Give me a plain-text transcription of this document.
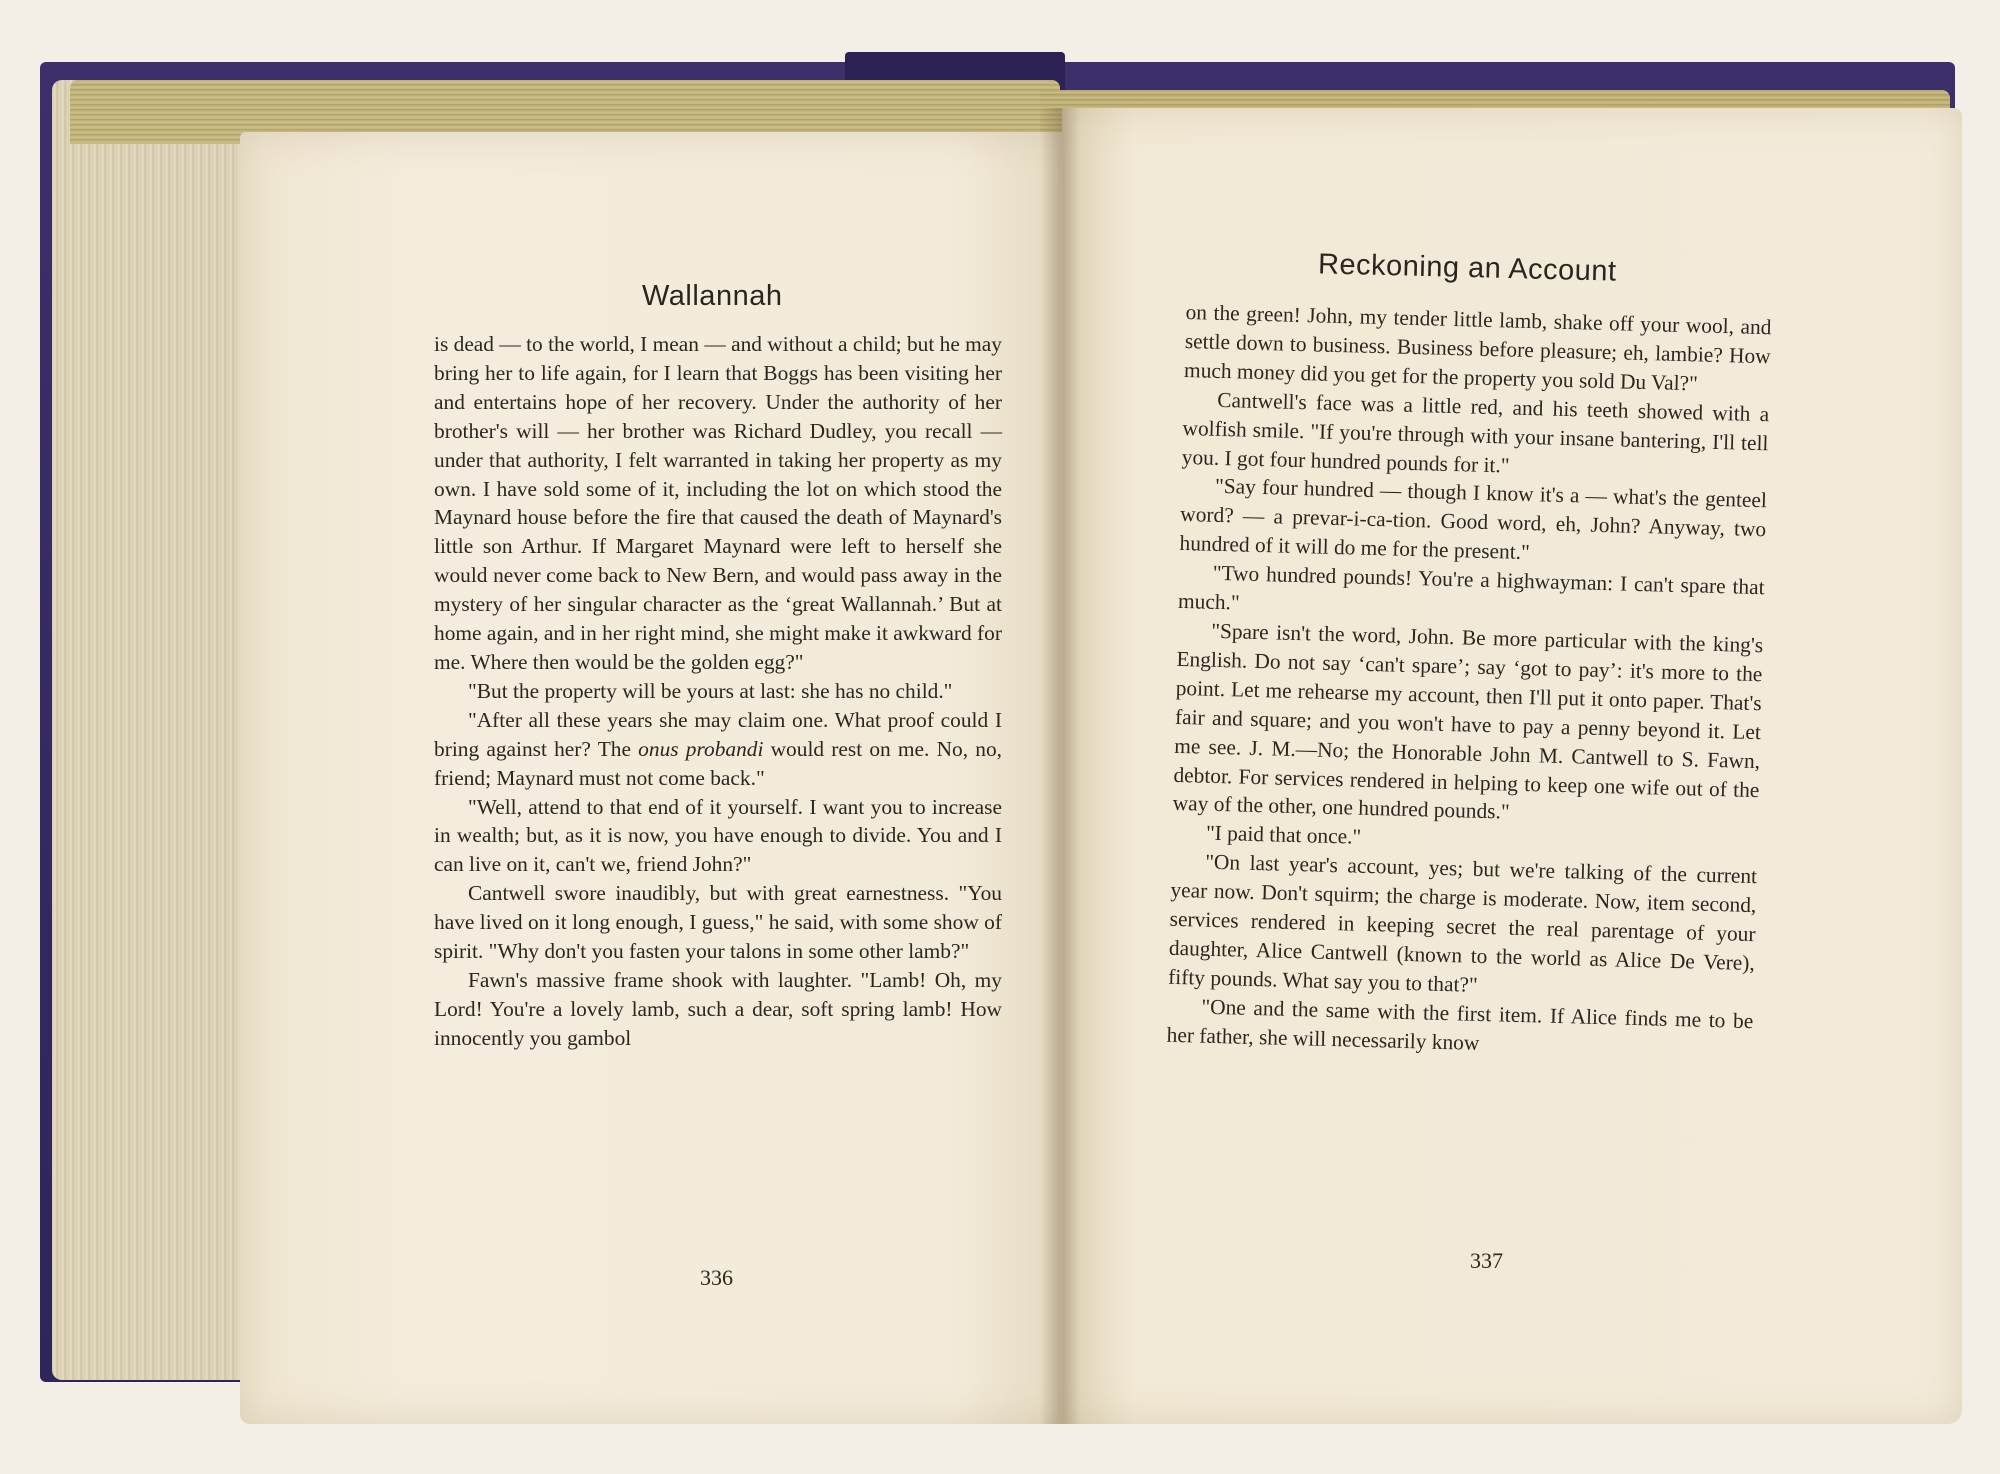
Wallannah

is dead — to the world, I mean — and without a child; but he may bring her to life again, for I learn that Boggs has been visiting her and entertains hope of her recovery. Under the authority of her brother's will — her brother was Richard Dudley, you recall — under that authority, I felt warranted in taking her property as my own. I have sold some of it, including the lot on which stood the Maynard house before the fire that caused the death of Maynard's little son Arthur. If Margaret Maynard were left to herself she would never come back to New Bern, and would pass away in the mystery of her singular character as the ‘great Wallannah.’ But at home again, and in her right mind, she might make it awkward for me. Where then would be the golden egg?"

"But the property will be yours at last: she has no child."

"After all these years she may claim one. What proof could I bring against her? The onus probandi would rest on me. No, no, friend; Maynard must not come back."

"Well, attend to that end of it yourself. I want you to increase in wealth; but, as it is now, you have enough to divide. You and I can live on it, can't we, friend John?"

Cantwell swore inaudibly, but with great earnestness. "You have lived on it long enough, I guess," he said, with some show of spirit. "Why don't you fasten your talons in some other lamb?"

Fawn's massive frame shook with laughter. "Lamb! Oh, my Lord! You're a lovely lamb, such a dear, soft spring lamb! How innocently you gambol

336
Reckoning an Account

on the green! John, my tender little lamb, shake off your wool, and settle down to business. Business before pleasure; eh, lambie? How much money did you get for the property you sold Du Val?"

Cantwell's face was a little red, and his teeth showed with a wolfish smile. "If you're through with your insane bantering, I'll tell you. I got four hundred pounds for it."

"Say four hundred — though I know it's a — what's the genteel word? — a prevar-i-ca-tion. Good word, eh, John? Anyway, two hundred of it will do me for the present."

"Two hundred pounds! You're a highwayman: I can't spare that much."

"Spare isn't the word, John. Be more particular with the king's English. Do not say ‘can't spare’; say ‘got to pay’: it's more to the point. Let me rehearse my account, then I'll put it onto paper. That's fair and square; and you won't have to pay a penny beyond it. Let me see. J. M.—No; the Honorable John M. Cantwell to S. Fawn, debtor. For services rendered in helping to keep one wife out of the way of the other, one hundred pounds."

"I paid that once."

"On last year's account, yes; but we're talking of the current year now. Don't squirm; the charge is moderate. Now, item second, services rendered in keeping secret the real parentage of your daughter, Alice Cantwell (known to the world as Alice De Vere), fifty pounds. What say you to that?"

"One and the same with the first item. If Alice finds me to be her father, she will necessarily know

337
